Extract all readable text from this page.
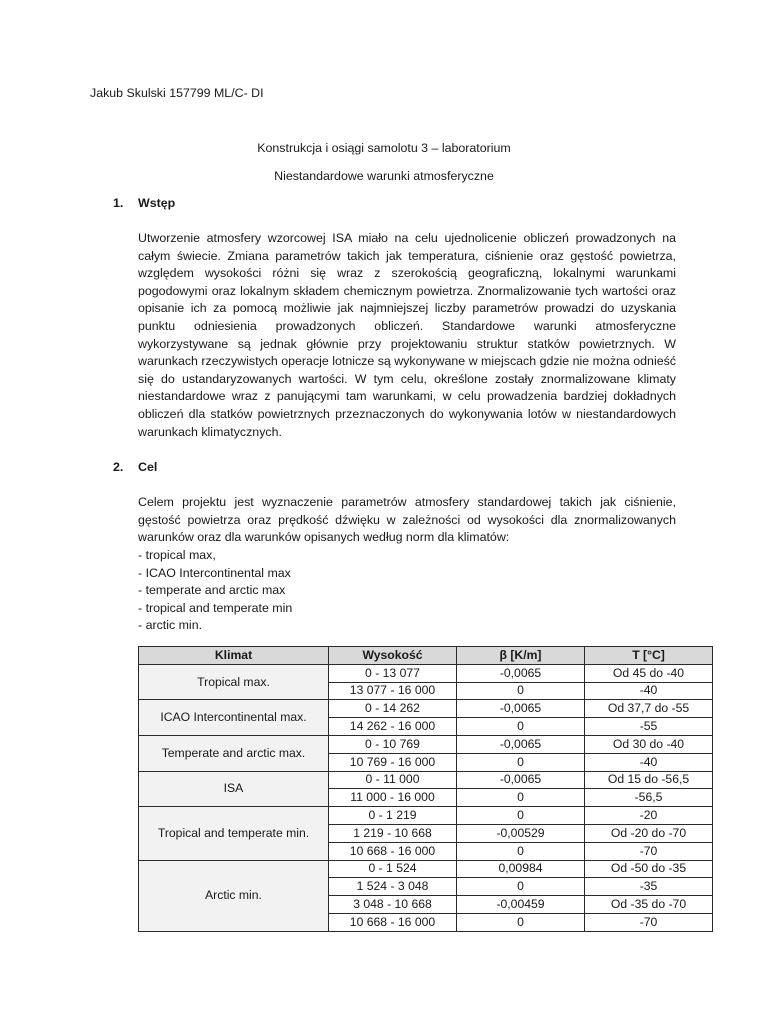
Jakub Skulski 157799 ML/C- DI
Konstrukcja i osiągi samolotu 3 – laboratorium
Niestandardowe warunki atmosferyczne
1. Wstęp

Utworzenie atmosfery wzorcowej ISA miało na celu ujednolicenie obliczeń prowadzonych na całym świecie. Zmiana parametrów takich jak temperatura, ciśnienie oraz gęstość powietrza, względem wysokości różni się wraz z szerokością geograficzną, lokalnymi warunkami pogodowymi oraz lokalnym składem chemicznym powietrza. Znormalizowanie tych wartości oraz opisanie ich za pomocą możliwie jak najmniejszej liczby parametrów prowadzi do uzyskania punktu odniesienia prowadzonych obliczeń. Standardowe warunki atmosferyczne wykorzystywane są jednak głównie przy projektowaniu struktur statków powietrznych. W warunkach rzeczywistych operacje lotnicze są wykonywane w miejscach gdzie nie można odnieść się do ustandaryzowanych wartości. W tym celu, określone zostały znormalizowane klimaty niestandardowe wraz z panującymi tam warunkami, w celu prowadzenia bardziej dokładnych obliczeń dla statków powietrznych przeznaczonych do wykonywania lotów w niestandardowych warunkach klimatycznych.

2. Cel

Celem projektu jest wyznaczenie parametrów atmosfery standardowej takich jak ciśnienie, gęstość powietrza oraz prędkość dźwięku w zależności od wysokości dla znormalizowanych warunków oraz dla warunków opisanych według norm dla klimatów:

- tropical max,
- ICAO Intercontinental max
- temperate and arctic max
- tropical and temperate min
- arctic min.
Klimat	Wysokość	β [K/m]	T [°C]
Tropical max.	0 - 13 077	-0,0065	Od 45 do -40
	13 077 - 16 000	0	-40
ICAO Intercontinental max.	0 - 14 262	-0,0065	Od 37,7 do -55
	14 262 - 16 000	0	-55
Temperate and arctic max.	0 - 10 769	-0,0065	Od 30 do -40
	10 769 - 16 000	0	-40
ISA	0 - 11 000	-0,0065	Od 15 do -56,5
	11 000 - 16 000	0	-56,5
Tropical and temperate min.	0 - 1 219	0	-20
	1 219 - 10 668	-0,00529	Od -20 do -70
	10 668 - 16 000	0	-70
Arctic min.	0 - 1 524	0,00984	Od -50 do -35
	1 524 - 3 048	0	-35
	3 048 - 10 668	-0,00459	Od -35 do -70
	10 668 - 16 000	0	-70
